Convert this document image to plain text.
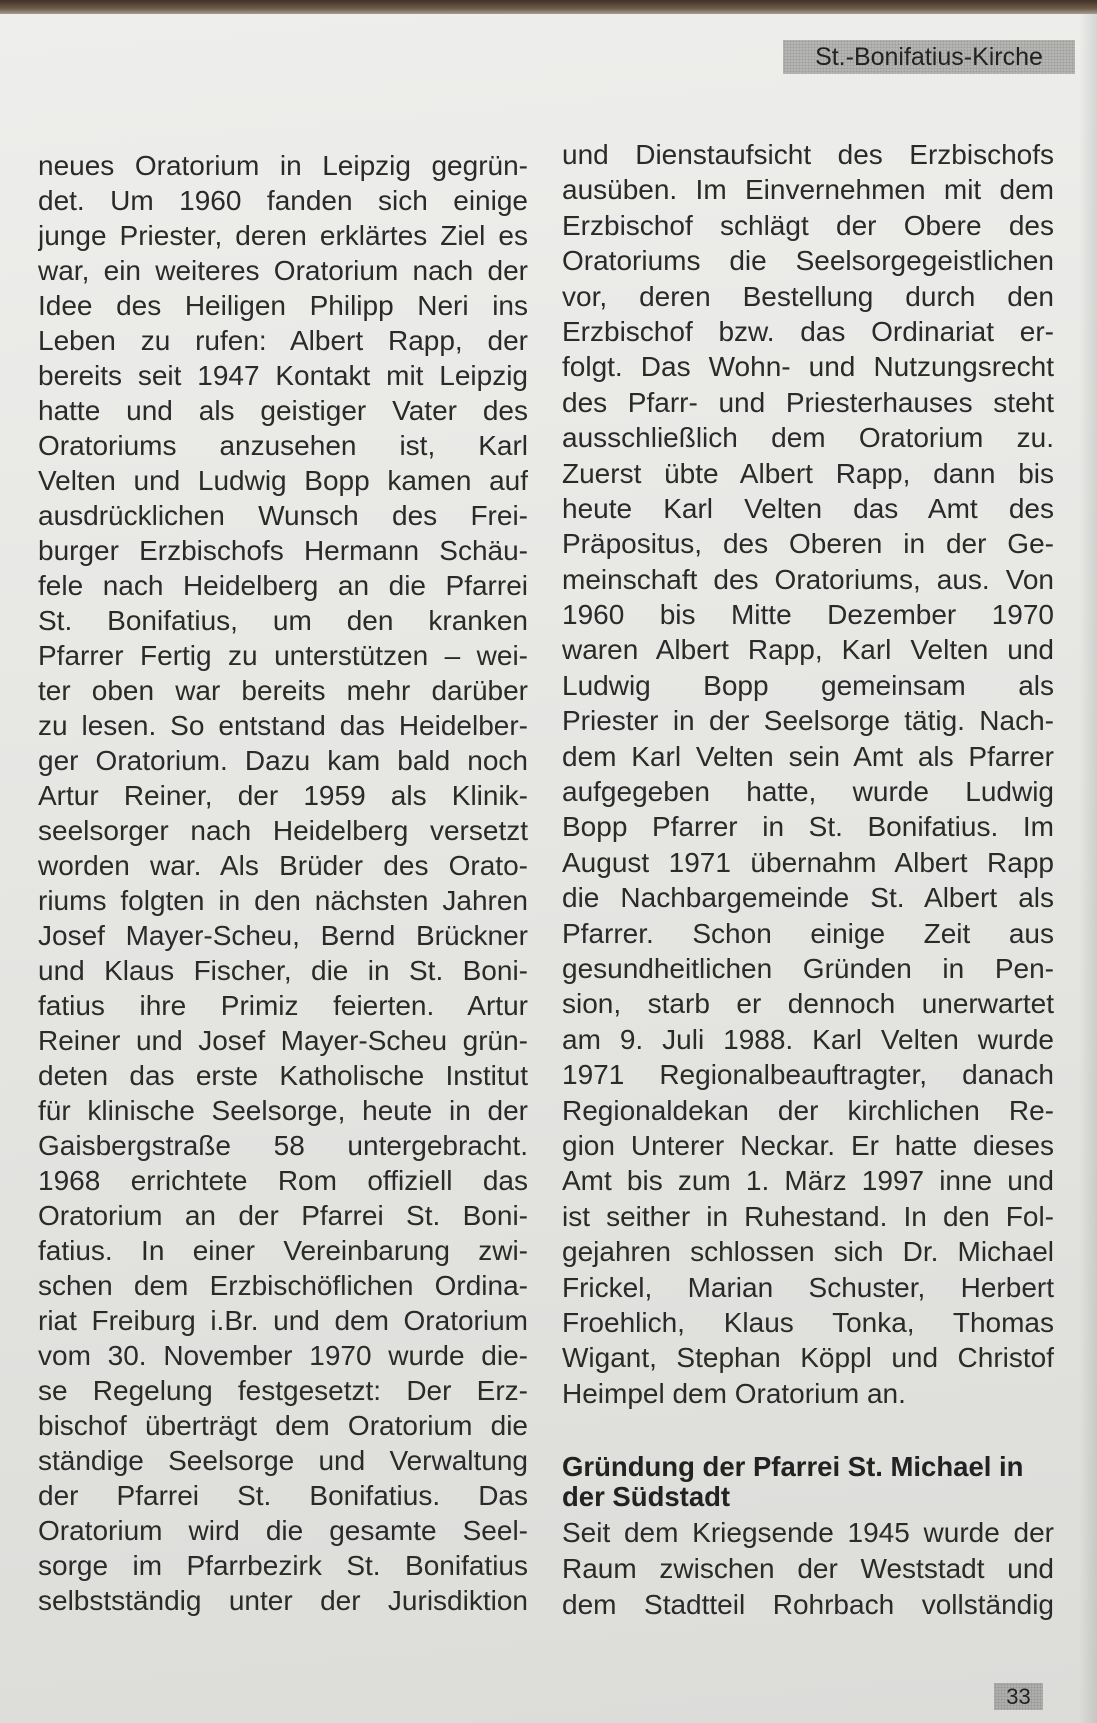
St.-Bonifatius-Kirche
neues Oratorium in Leipzig gegrün-
det. Um 1960 fanden sich einige
junge Priester, deren erklärtes Ziel es
war, ein weiteres Oratorium nach der
Idee des Heiligen Philipp Neri ins
Leben zu rufen: Albert Rapp, der
bereits seit 1947 Kontakt mit Leipzig
hatte und als geistiger Vater des
Oratoriums anzusehen ist, Karl
Velten und Ludwig Bopp kamen auf
ausdrücklichen Wunsch des Frei-
burger Erzbischofs Hermann Schäu-
fele nach Heidelberg an die Pfarrei
St. Bonifatius, um den kranken
Pfarrer Fertig zu unterstützen – wei-
ter oben war bereits mehr darüber
zu lesen. So entstand das Heidelber-
ger Oratorium. Dazu kam bald noch
Artur Reiner, der 1959 als Klinik-
seelsorger nach Heidelberg versetzt
worden war. Als Brüder des Orato-
riums folgten in den nächsten Jahren
Josef Mayer-Scheu, Bernd Brückner
und Klaus Fischer, die in St. Boni-
fatius ihre Primiz feierten. Artur
Reiner und Josef Mayer-Scheu grün-
deten das erste Katholische Institut
für klinische Seelsorge, heute in der
Gaisbergstraße 58 untergebracht.
1968 errichtete Rom offiziell das
Oratorium an der Pfarrei St. Boni-
fatius. In einer Vereinbarung zwi-
schen dem Erzbischöflichen Ordina-
riat Freiburg i.Br. und dem Oratorium
vom 30. November 1970 wurde die-
se Regelung festgesetzt: Der Erz-
bischof überträgt dem Oratorium die
ständige Seelsorge und Verwaltung
der Pfarrei St. Bonifatius. Das
Oratorium wird die gesamte Seel-
sorge im Pfarrbezirk St. Bonifatius
selbstständig unter der Jurisdiktion
und Dienstaufsicht des Erzbischofs
ausüben. Im Einvernehmen mit dem
Erzbischof schlägt der Obere des
Oratoriums die Seelsorgegeistlichen
vor, deren Bestellung durch den
Erzbischof bzw. das Ordinariat er-
folgt. Das Wohn- und Nutzungsrecht
des Pfarr- und Priesterhauses steht
ausschließlich dem Oratorium zu.
Zuerst übte Albert Rapp, dann bis
heute Karl Velten das Amt des
Präpositus, des Oberen in der Ge-
meinschaft des Oratoriums, aus. Von
1960 bis Mitte Dezember 1970
waren Albert Rapp, Karl Velten und
Ludwig Bopp gemeinsam als
Priester in der Seelsorge tätig. Nach-
dem Karl Velten sein Amt als Pfarrer
aufgegeben hatte, wurde Ludwig
Bopp Pfarrer in St. Bonifatius. Im
August 1971 übernahm Albert Rapp
die Nachbargemeinde St. Albert als
Pfarrer. Schon einige Zeit aus
gesundheitlichen Gründen in Pen-
sion, starb er dennoch unerwartet
am 9. Juli 1988. Karl Velten wurde
1971 Regionalbeauftragter, danach
Regionaldekan der kirchlichen Re-
gion Unterer Neckar. Er hatte dieses
Amt bis zum 1. März 1997 inne und
ist seither in Ruhestand. In den Fol-
gejahren schlossen sich Dr. Michael
Frickel, Marian Schuster, Herbert
Froehlich, Klaus Tonka, Thomas
Wigant, Stephan Köppl und Christof
Heimpel dem Oratorium an.
Gründung der Pfarrei St. Michael in
der Südstadt
Seit dem Kriegsende 1945 wurde der
Raum zwischen der Weststadt und
dem Stadtteil Rohrbach vollständig
33
